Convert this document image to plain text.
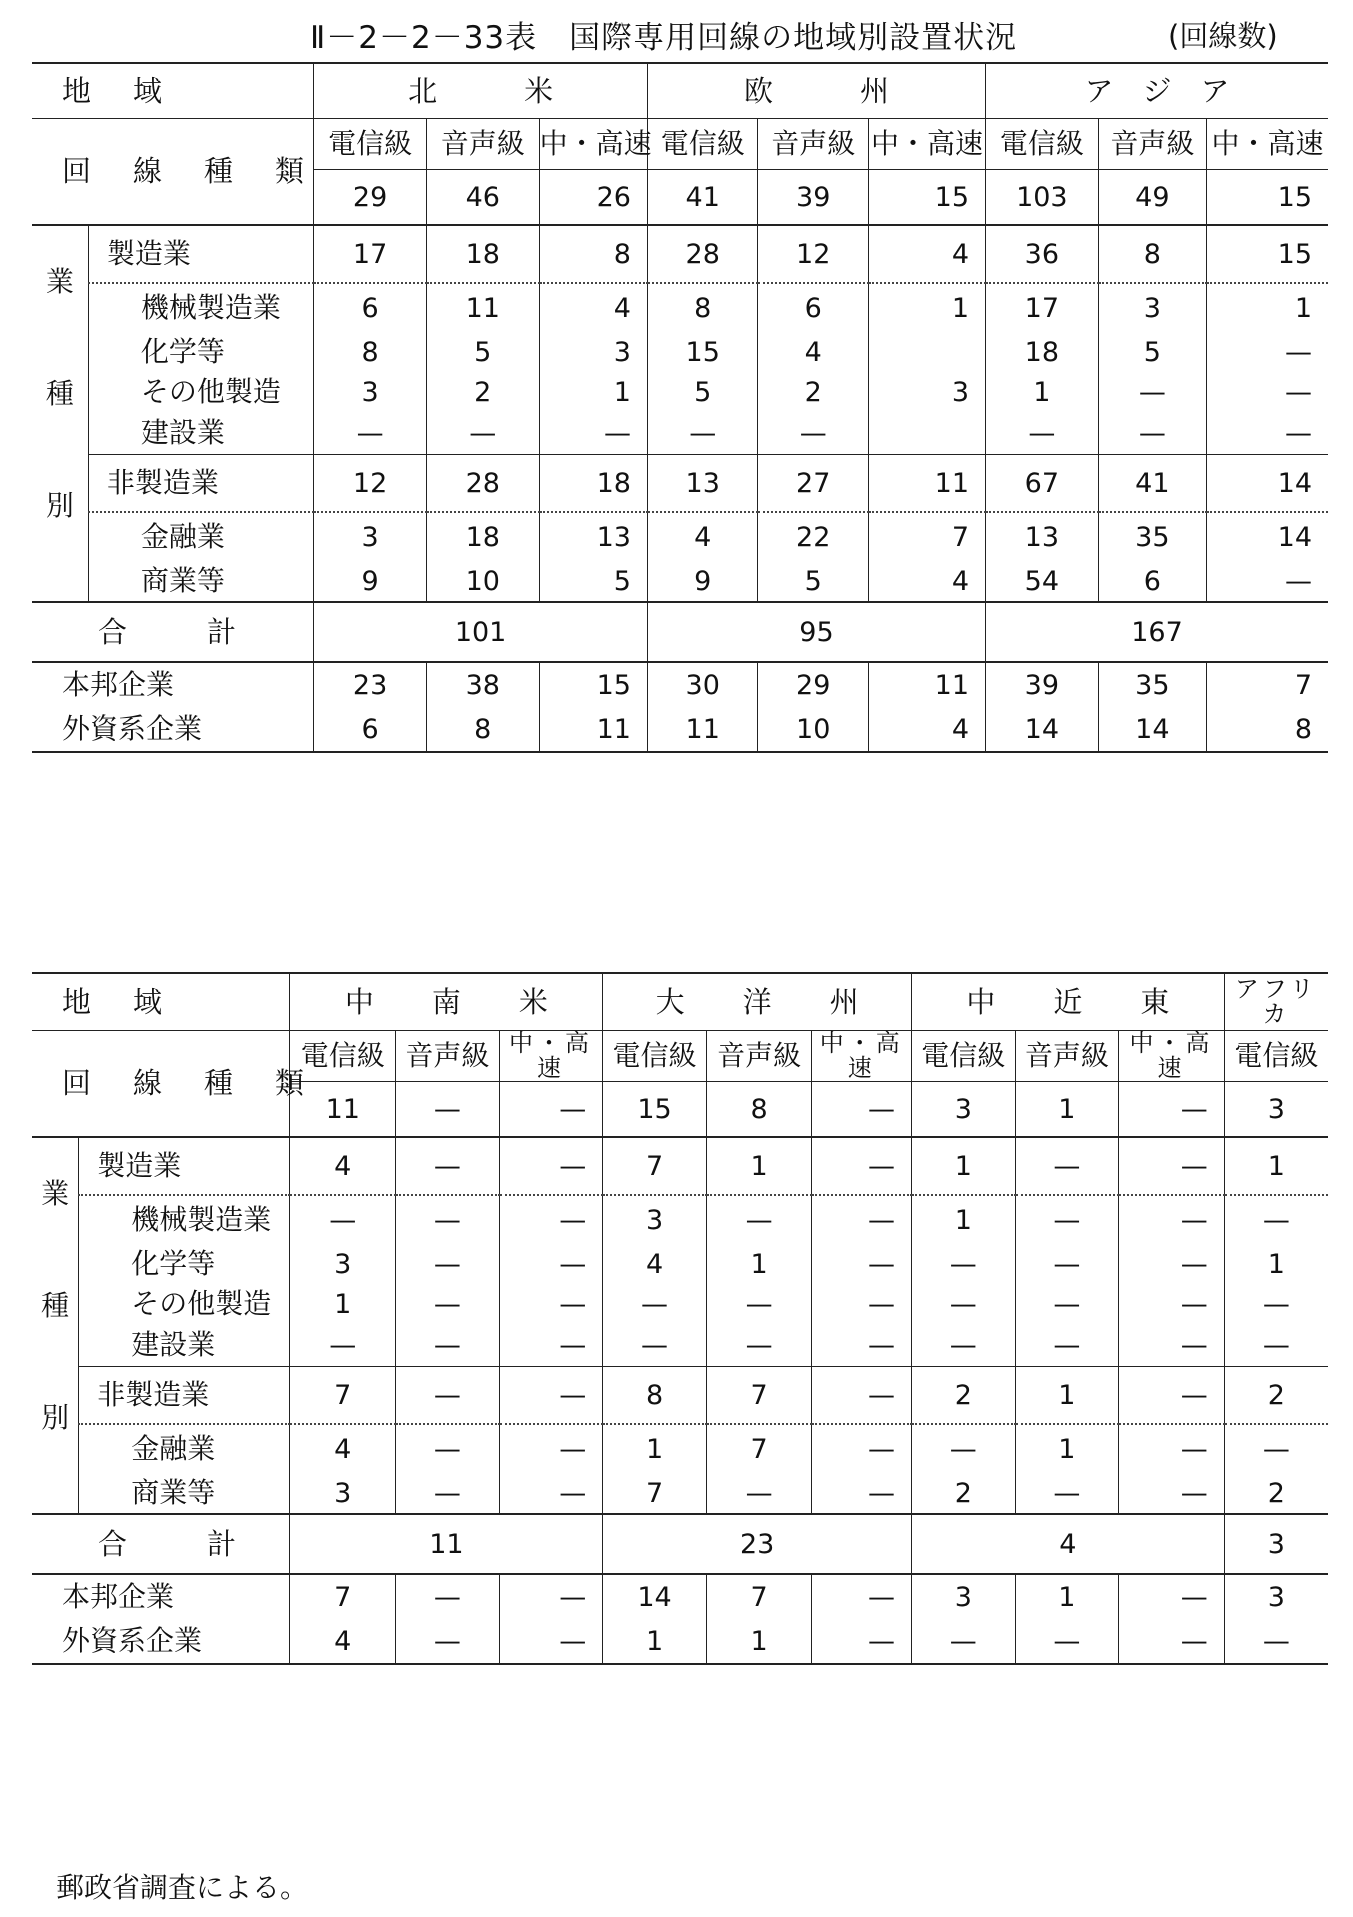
Ⅱ－2－2－33表　国際専用回線の地域別設置状況	(回線数)
地域		北　　　米			欧　　　州			ア　ジ　ア		
回線種類		電信級	音声級	中・高速	電信級	音声級	中・高速	電信級	音声級	中・高速
		29	46	26	41	39	15	103	49	15

業
種
別	製造業	17	18	8	28	12	4	36	8	15
	機械製造業	6	11	4	8	6	1	17	3	1
	化学等	8	5	3	15	4		18	5	—
	その他製造	3	2	1	5	2	3	1	—	—
	建設業	—	—	—	—	—		—	—	—
	非製造業	12	28	18	13	27	11	67	41	14
	金融業	3	18	13	4	22	7	13	35	14
	商業等	9	10	5	9	5	4	54	6	—
合計		101			95			167		
本邦企業		23	38	15	30	29	11	39	35	7
外資系企業		6	8	11	11	10	4	14	14	8
地域		中　　南　　米			大　　洋　　州			中　　近　　東			アフリカ
回線種類		電信級	音声級	中・高速	電信級	音声級	中・高速	電信級	音声級	中・高速	電信級
		11	—	—	15	8	—	3	1	—	3

業
種
別	製造業	4	—	—	7	1	—	1	—	—	1
	機械製造業	—	—	—	3	—	—	1	—	—	—
	化学等	3	—	—	4	1	—	—	—	—	1
	その他製造	1	—	—	—	—	—	—	—	—	—
	建設業	—	—	—	—	—	—	—	—	—	—
	非製造業	7	—	—	8	7	—	2	1	—	2
	金融業	4	—	—	1	7	—	—	1	—	—
	商業等	3	—	—	7	—	—	2	—	—	2
合計		11			23			4			3
本邦企業		7	—	—	14	7	—	3	1	—	3
外資系企業		4	—	—	1	1	—	—	—	—	—
郵政省調査による。
